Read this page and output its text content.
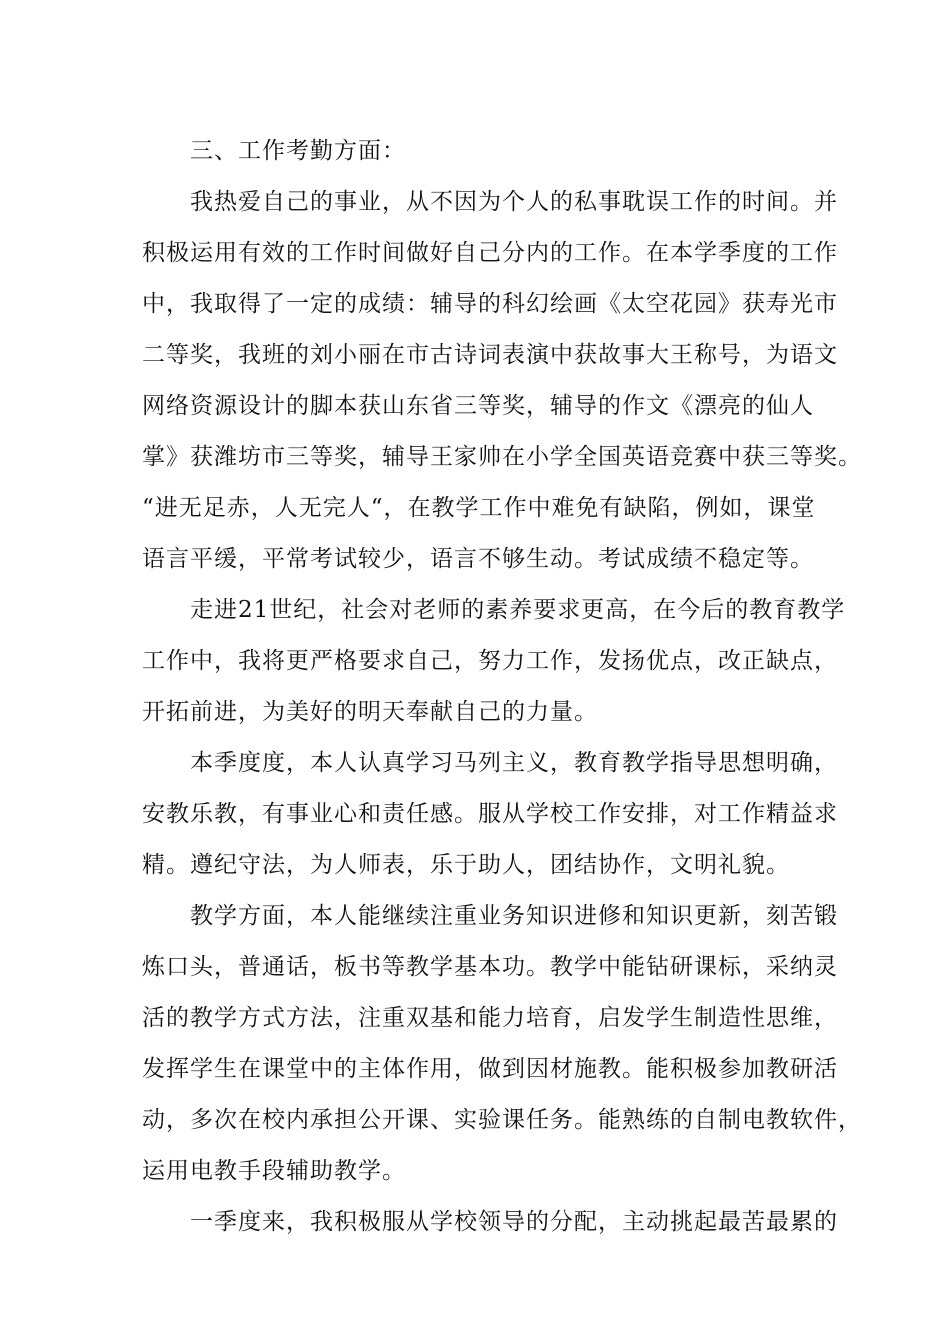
三、工作考勤方面：
我热爱自己的事业，从不因为个人的私事耽误工作的时间。并
积极运用有效的工作时间做好自己分内的工作。在本学季度的工作
中，我取得了一定的成绩：辅导的科幻绘画《太空花园》获寿光市
二等奖，我班的刘小丽在市古诗词表演中获故事大王称号，为语文
网络资源设计的脚本获山东省三等奖，辅导的作文《漂亮的仙人
掌》获潍坊市三等奖，辅导王家帅在小学全国英语竞赛中获三等奖。
“进无足赤，人无完人“，在教学工作中难免有缺陷，例如，课堂
语言平缓，平常考试较少，语言不够生动。考试成绩不稳定等。
走进21世纪，社会对老师的素养要求更高，在今后的教育教学
工作中，我将更严格要求自己，努力工作，发扬优点，改正缺点，
开拓前进，为美好的明天奉献自己的力量。
本季度度，本人认真学习马列主义，教育教学指导思想明确，
安教乐教，有事业心和责任感。服从学校工作安排，对工作精益求
精。遵纪守法，为人师表，乐于助人，团结协作，文明礼貌。
教学方面，本人能继续注重业务知识进修和知识更新，刻苦锻
炼口头，普通话，板书等教学基本功。教学中能钻研课标，采纳灵
活的教学方式方法，注重双基和能力培育，启发学生制造性思维，
发挥学生在课堂中的主体作用，做到因材施教。能积极参加教研活
动，多次在校内承担公开课、实验课任务。能熟练的自制电教软件，
运用电教手段辅助教学。
一季度来，我积极服从学校领导的分配，主动挑起最苦最累的
